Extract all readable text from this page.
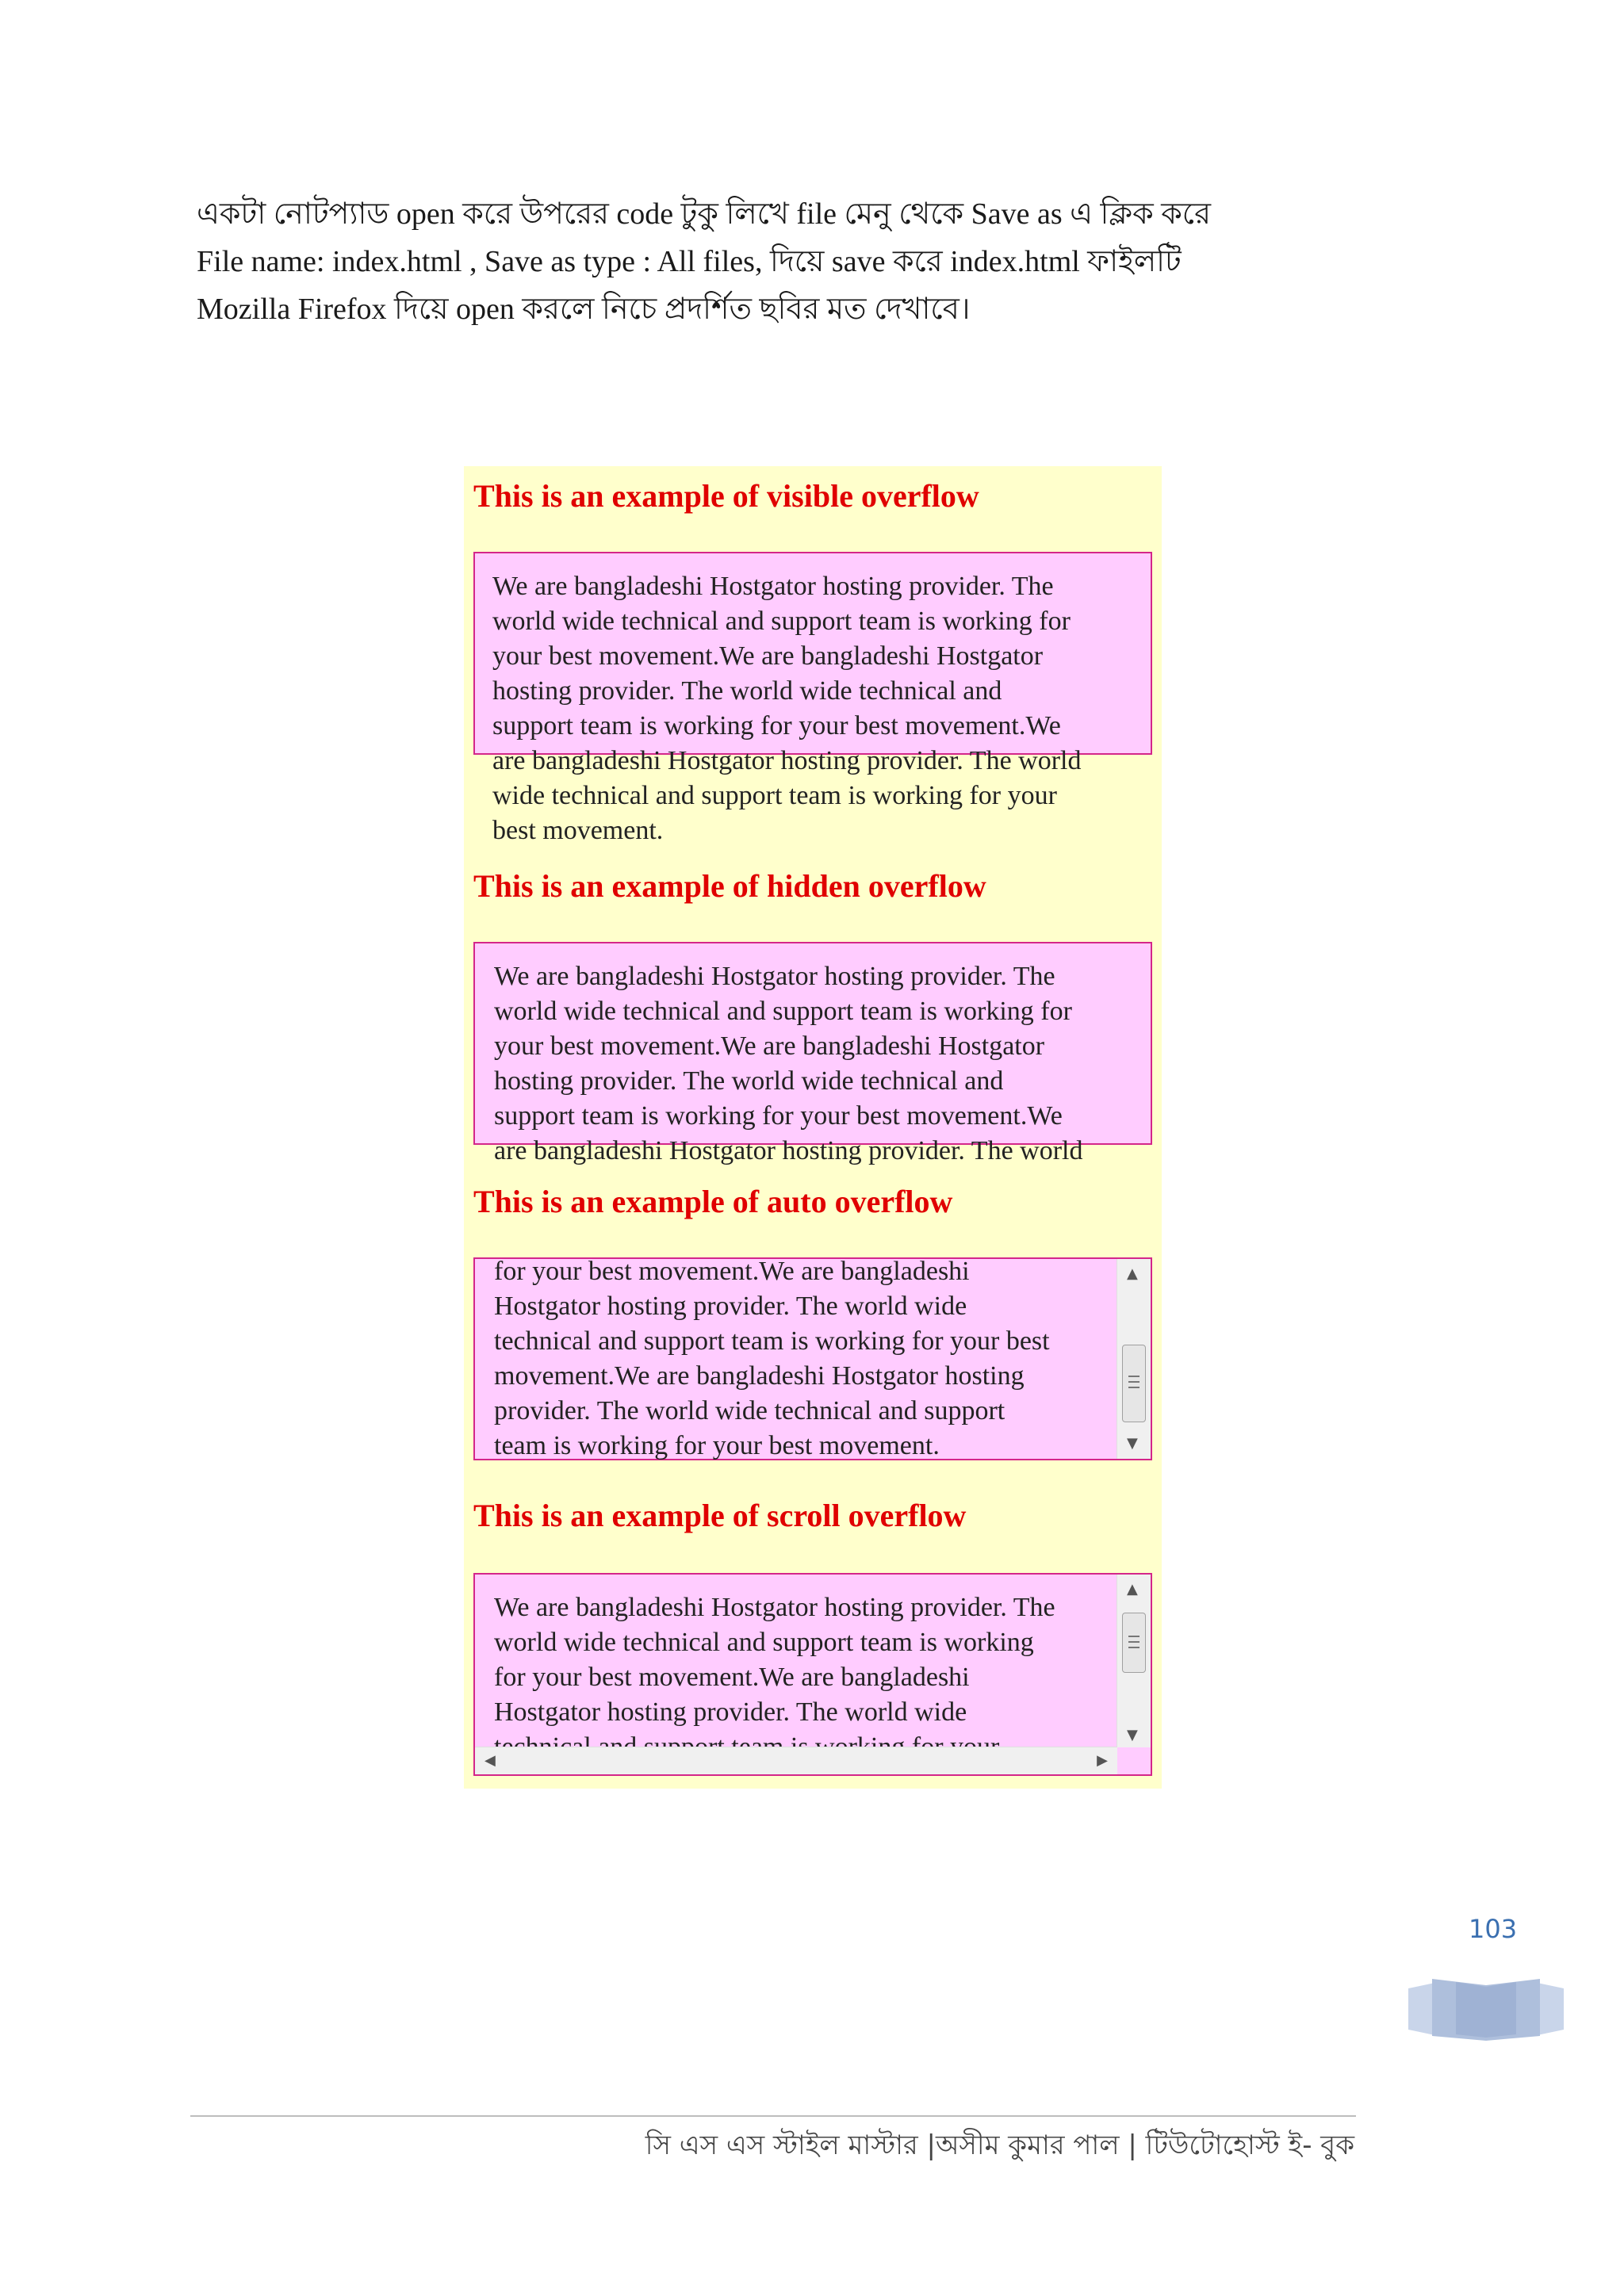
একটা নোটপ্যাড open করে উপরের code টুকু লিখে file মেনু থেকে Save as এ ক্লিক করে
File name: index.html , Save as type : All files, দিয়ে save করে index.html ফাইলটি
Mozilla Firefox দিয়ে open করলে নিচে প্রদর্শিত ছবির মত দেখাবে।
This is an example of visible overflow
We are bangladeshi Hostgator hosting provider. The
world wide technical and support team is working for
your best movement.We are bangladeshi Hostgator
hosting provider. The world wide technical and
support team is working for your best movement.We
are bangladeshi Hostgator hosting provider. The world
wide technical and support team is working for your
best movement.
This is an example of hidden overflow
We are bangladeshi Hostgator hosting provider. The
world wide technical and support team is working for
your best movement.We are bangladeshi Hostgator
hosting provider. The world wide technical and
support team is working for your best movement.We
are bangladeshi Hostgator hosting provider. The world
This is an example of auto overflow
for your best movement.We are bangladeshi
Hostgator hosting provider. The world wide
technical and support team is working for your best
movement.We are bangladeshi Hostgator hosting
provider. The world wide technical and support
team is working for your best movement.
▲
▼
This is an example of scroll overflow
We are bangladeshi Hostgator hosting provider. The
world wide technical and support team is working
for your best movement.We are bangladeshi
Hostgator hosting provider. The world wide
▲
▼
◀	▶
103
সি এস এস স্টাইল মাস্টার |অসীম কুমার পাল | টিউটোহোস্ট ই- বুক
